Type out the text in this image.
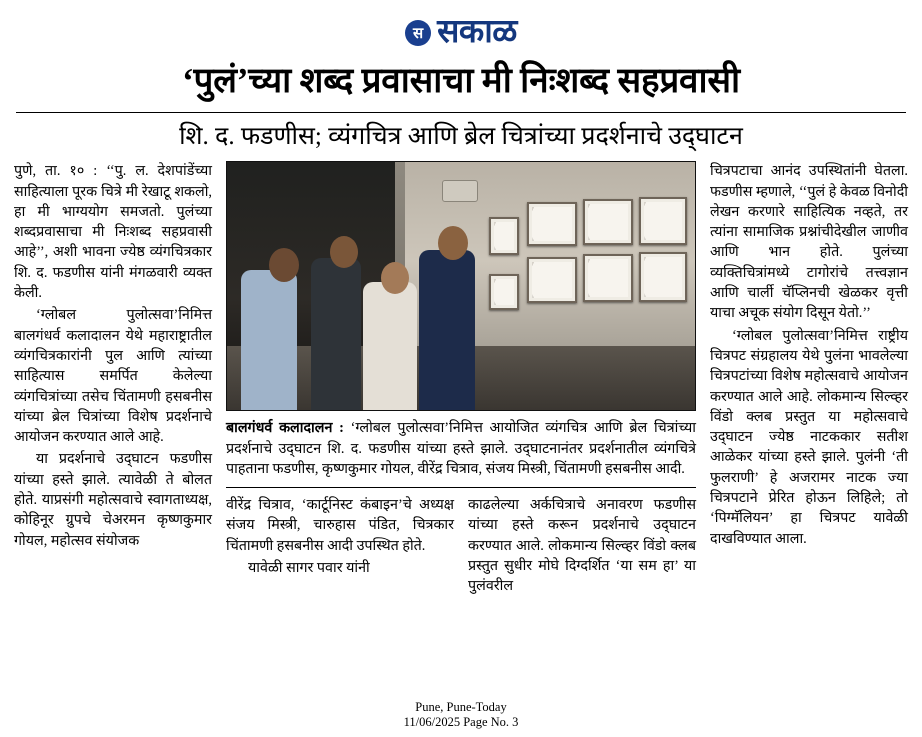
स सकाळ
‘पुलं’च्या शब्द प्रवासाचा मी निःशब्द सहप्रवासी
शि. द. फडणीस; व्यंगचित्र आणि ब्रेल चित्रांच्या प्रदर्शनाचे उद्‌घाटन

पुणे, ता. १० : ‘‘पु. ल. देशपांडेंच्या साहित्याला पूरक चित्रे मी रेखाटू शकलो, हा मी भाग्ययोग समजतो. पुलंच्या शब्दप्रवासाचा मी निःशब्द सहप्रवासी आहे’’, अशी भावना ज्येष्ठ व्यंगचित्रकार शि. द. फडणीस यांनी मंगळवारी व्यक्त केली.

‘ग्लोबल पुलोत्सवा’निमित्त बालगंधर्व कलादालन येथे महाराष्ट्रातील व्यंगचित्रकारांनी पुल आणि त्यांच्या साहित्यास समर्पित केलेल्या व्यंगचित्रांच्या तसेच चिंतामणी हसबनीस यांच्या ब्रेल चित्रांच्या विशेष प्रदर्शनाचे आयोजन करण्यात आले आहे.

या प्रदर्शनाचे उद्‌घाटन फडणीस यांच्या हस्ते झाले. त्यावेळी ते बोलत होते. याप्रसंगी महोत्सवाचे स्वागताध्यक्ष, कोहिनूर ग्रुपचे चेअरमन कृष्णकुमार गोयल, महोत्सव संयोजक

बालगंधर्व कलादालन : ‘ग्लोबल पुलोत्सवा’निमित्त आयोजित व्यंगचित्र आणि ब्रेल चित्रांच्या प्रदर्शनाचे उद्‌घाटन शि. द. फडणीस यांच्या हस्ते झाले. उद्‌घाटनानंतर प्रदर्शनातील व्यंगचित्रे पाहताना फडणीस, कृष्णकुमार गोयल, वीरेंद्र चित्राव, संजय मिस्त्री, चिंतामणी हसबनीस आदी.

वीरेंद्र चित्राव, ‘कार्टूनिस्ट कंबाइन’चे अध्यक्ष संजय मिस्त्री, चारुहास पंडित, चित्रकार चिंतामणी हसबनीस आदी उपस्थित होते.

यावेळी सागर पवार यांनी

काढलेल्या अर्कचित्राचे अनावरण फडणीस यांच्या हस्ते करून प्रदर्शनाचे उद्‌घाटन करण्यात आले. लोकमान्य सिल्व्हर विंडो क्लब प्रस्तुत सुधीर मोघे दिग्दर्शित ‘या सम हा’ या पुलंवरील

चित्रपटाचा आनंद उपस्थितांनी घेतला. फडणीस म्हणाले, ‘‘पुलं हे केवळ विनोदी लेखन करणारे साहित्यिक नव्हते, तर त्यांना सामाजिक प्रश्नांचीदेखील जाणीव आणि भान होते. पुलंच्या व्यक्तिचित्रांमध्ये टागोरांचे तत्त्वज्ञान आणि चार्ली चॅप्लिनची खेळकर वृत्ती याचा अचूक संयोग दिसून येतो.’’

‘ग्लोबल पुलोत्सवा’निमित्त राष्ट्रीय चित्रपट संग्रहालय येथे पुलंना भावलेल्या चित्रपटांच्या विशेष महोत्सवाचे आयोजन करण्यात आले आहे. लोकमान्य सिल्व्हर विंडो क्लब प्रस्तुत या महोत्सवाचे उद्‌घाटन ज्येष्ठ नाटककार सतीश आळेकर यांच्या हस्ते झाले. पुलंनी ‘ती फुलराणी’ हे अजरामर नाटक ज्या चित्रपटाने प्रेरित होऊन लिहिले; तो ‘पिग्मॅलियन’ हा चित्रपट यावेळी दाखविण्यात आला.

Pune, Pune-Today
11/06/2025 Page No. 3
